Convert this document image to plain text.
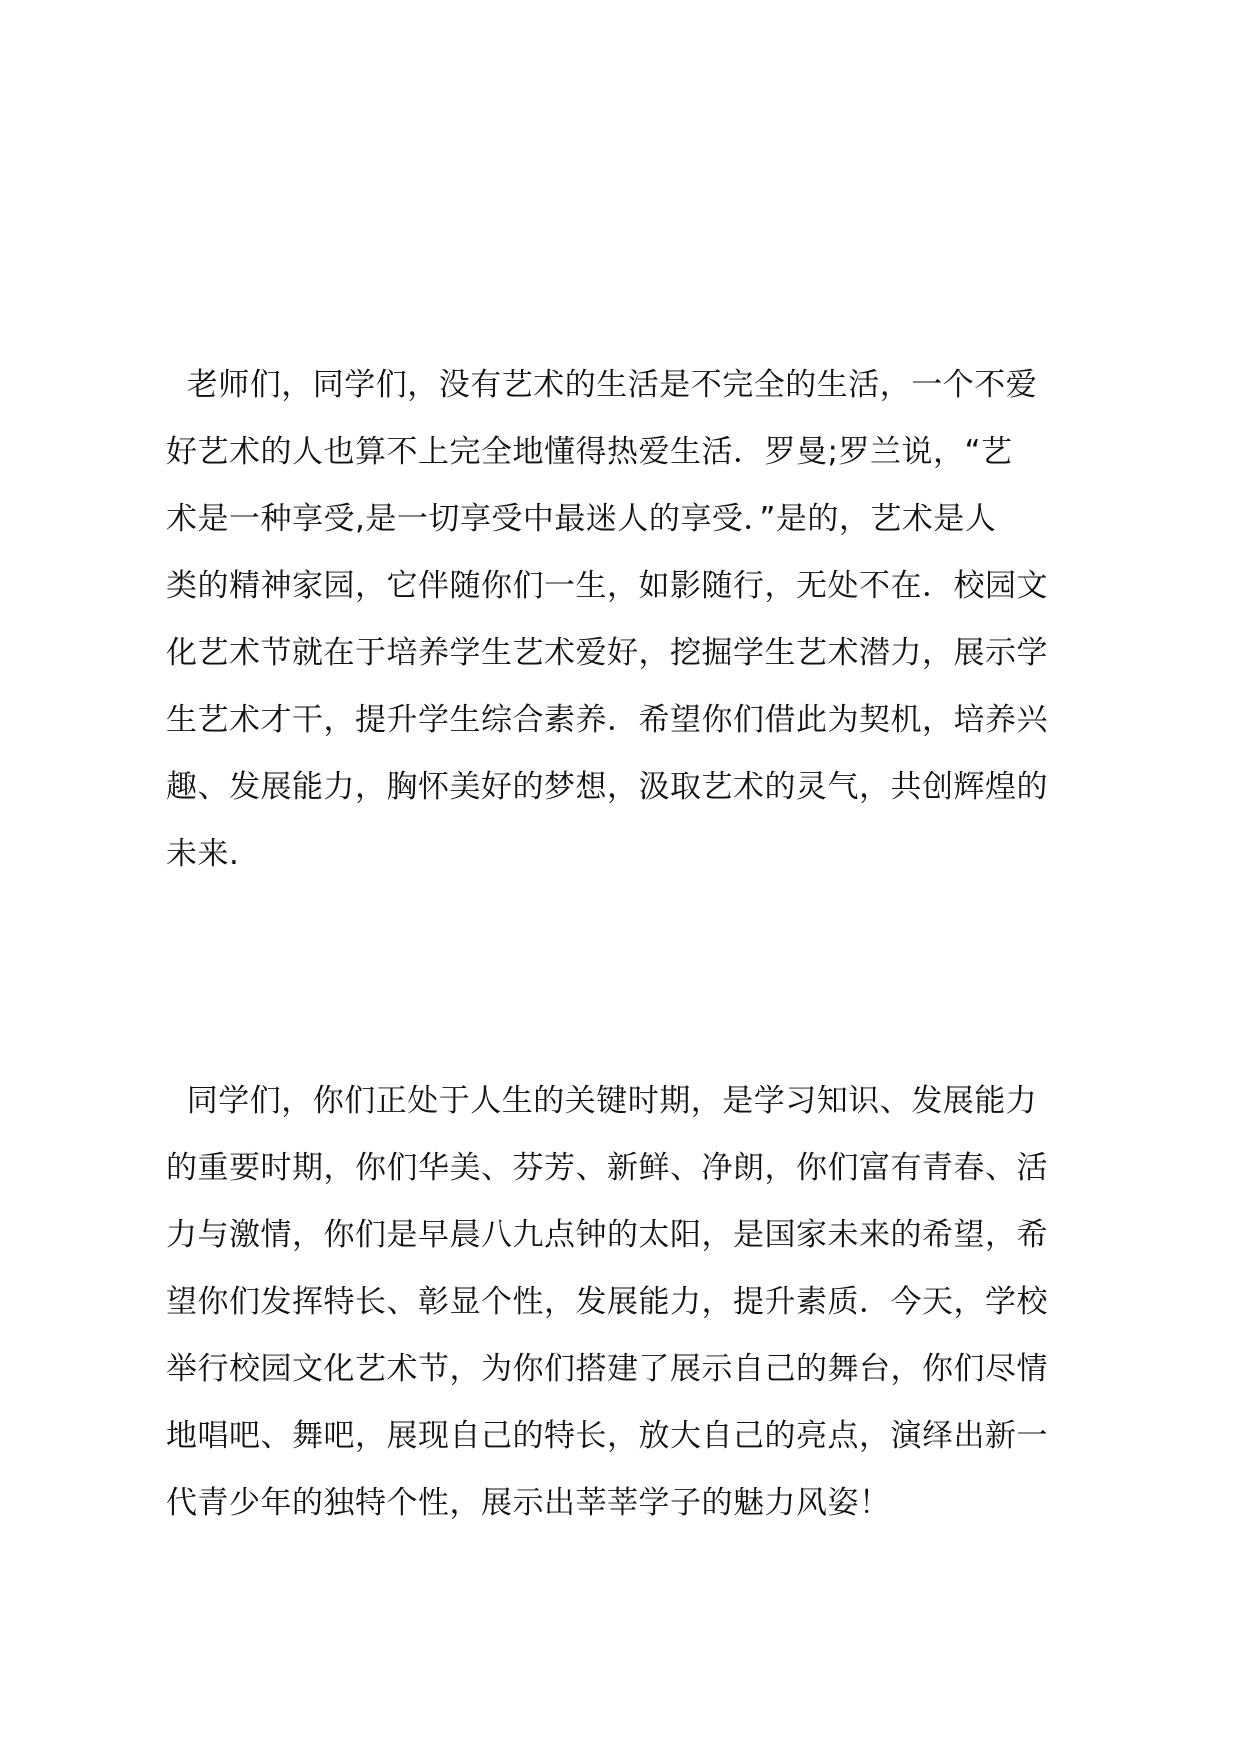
老师们，同学们，没有艺术的生活是不完全的生活，一个不爱
好艺术的人也算不上完全地懂得热爱生活．罗曼;罗兰说，“艺
术是一种享受,是一切享受中最迷人的享受．”是的，艺术是人
类的精神家园，它伴随你们一生，如影随行，无处不在．校园文
化艺术节就在于培养学生艺术爱好，挖掘学生艺术潜力，展示学
生艺术才干，提升学生综合素养．希望你们借此为契机，培养兴
趣、发展能力，胸怀美好的梦想，汲取艺术的灵气，共创辉煌的
未来.

同学们，你们正处于人生的关键时期，是学习知识、发展能力
的重要时期，你们华美、芬芳、新鲜、净朗，你们富有青春、活
力与激情，你们是早晨八九点钟的太阳，是国家未来的希望，希
望你们发挥特长、彰显个性，发展能力，提升素质．今天，学校
举行校园文化艺术节，为你们搭建了展示自己的舞台，你们尽情
地唱吧、舞吧，展现自己的特长，放大自己的亮点，演绎出新一
代青少年的独特个性，展示出莘莘学子的魅力风姿！
